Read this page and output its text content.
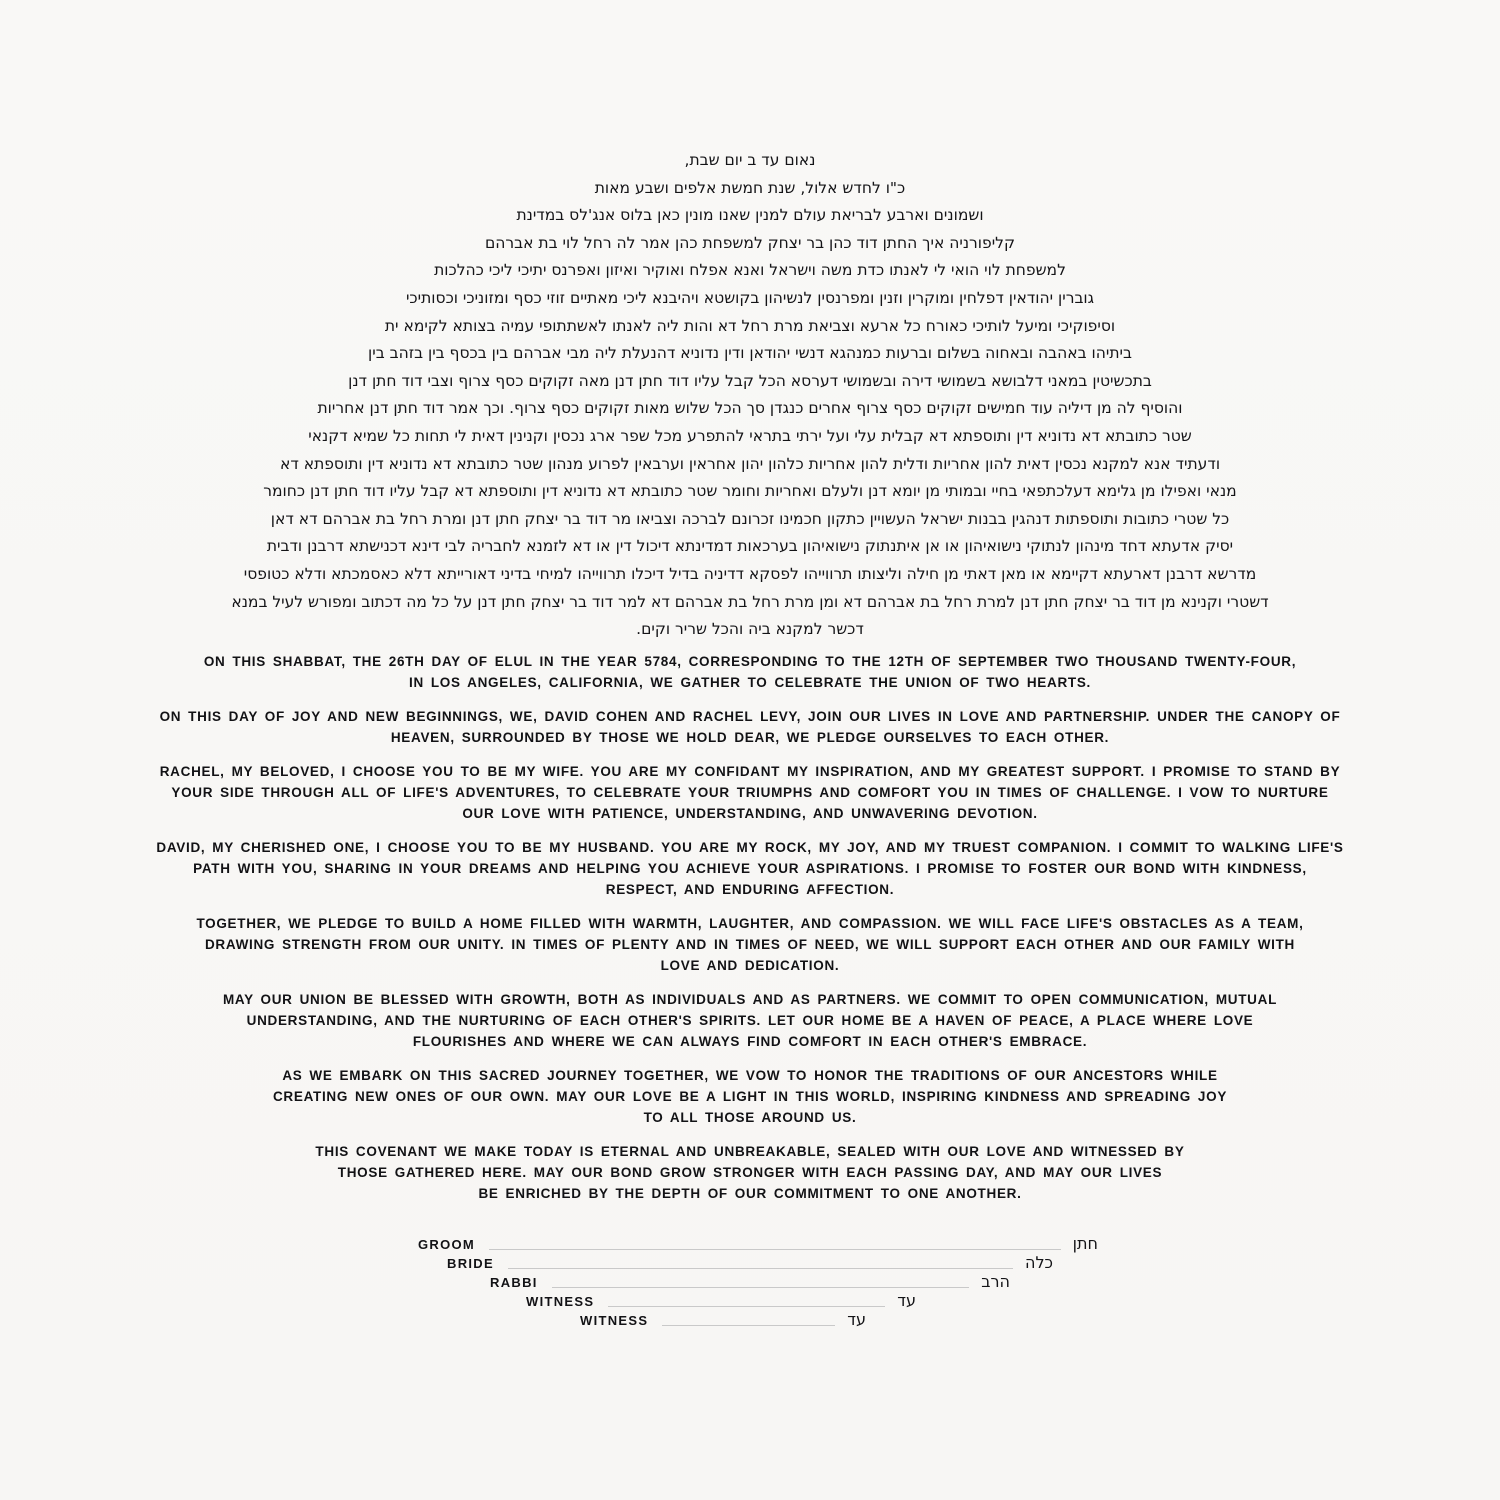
נאום עד ב יום שבת,
כ"ו לחדש אלול, שנת חמשת אלפים ושבע מאות
ושמונים וארבע לבריאת עולם למנין שאנו מונין כאן בלוס אנג'לס במדינת
קליפורניה איך החתן דוד כהן בר יצחק למשפחת כהן אמר לה רחל לוי בת אברהם
למשפחת לוי הואי לי לאנתו כדת משה וישראל ואנא אפלח ואוקיר ואיזון ואפרנס יתיכי ליכי כהלכות
גוברין יהודאין דפלחין ומוקרין וזנין ומפרנסין לנשיהון בקושטא ויהיבנא ליכי מאתיים זוזי כסף ומזוניכי וכסותיכי
וסיפוקיכי ומיעל לותיכי כאורח כל ארעא וצביאת מרת רחל דא והות ליה לאנתו לאשתתופי עמיה בצותא לקימא ית
ביתיהו באהבה ובאחוה בשלום וברעות כמנהגא דנשי יהודאן ודין נדוניא דהנעלת ליה מבי אברהם בין בכסף בין בזהב בין
בתכשיטין במאני דלבושא בשמושי דירה ובשמושי דערסא הכל קבל עליו דוד חתן דנן מאה זקוקים כסף צרוף וצבי דוד חתן דנן
והוסיף לה מן דיליה עוד חמישים זקוקים כסף צרוף אחרים כנגדן סך הכל שלוש מאות זקוקים כסף צרוף. וכך אמר דוד חתן דנן אחריות
שטר כתובתא דא נדוניא דין ותוספתא דא קבלית עלי ועל ירתי בתראי להתפרע מכל שפר ארג נכסין וקנינין דאית לי תחות כל שמיא דקנאי
ודעתיד אנא למקנא נכסין דאית להון אחריות ודלית להון אחריות כלהון יהון אחראין וערבאין לפרוע מנהון שטר כתובתא דא נדוניא דין ותוספתא דא
מנאי ואפילו מן גלימא דעלכתפאי בחיי ובמותי מן יומא דנן ולעלם ואחריות וחומר שטר כתובתא דא נדוניא דין ותוספתא דא קבל עליו דוד חתן דנן כחומר
כל שטרי כתובות ותוספתות דנהגין בבנות ישראל העשויין כתקון חכמינו זכרונם לברכה וצביאו מר דוד בר יצחק חתן דנן ומרת רחל בת אברהם דא דאן
יסיק אדעתא דחד מינהון לנתוקי נישואיהון או אן איתנתוק נישואיהון בערכאות דמדינתא דיכול דין או דא לזמנא לחבריה לבי דינא דכנישתא דרבנן ודבית
מדרשא דרבנן דארעתא דקיימא או מאן דאתי מן חילה וליצותו תרווייהו לפסקא דדיניה בדיל דיכלו תרווייהו למיחי בדיני דאורייתא דלא כאסמכתא ודלא כטופסי
דשטרי וקנינא מן דוד בר יצחק חתן דנן למרת רחל בת אברהם דא ומן מרת רחל בת אברהם דא למר דוד בר יצחק חתן דנן על כל מה דכתוב ומפורש לעיל במנא
דכשר למקנא ביה והכל שריר וקים.
ON THIS SHABBAT, THE 26TH DAY OF ELUL IN THE YEAR 5784, CORRESPONDING TO THE 12TH OF SEPTEMBER TWO THOUSAND TWENTY-FOUR,
IN LOS ANGELES, CALIFORNIA, WE GATHER TO CELEBRATE THE UNION OF TWO HEARTS.
ON THIS DAY OF JOY AND NEW BEGINNINGS, WE, DAVID COHEN AND RACHEL LEVY, JOIN OUR LIVES IN LOVE AND PARTNERSHIP. UNDER THE CANOPY OF
HEAVEN, SURROUNDED BY THOSE WE HOLD DEAR, WE PLEDGE OURSELVES TO EACH OTHER.
RACHEL, MY BELOVED, I CHOOSE YOU TO BE MY WIFE. YOU ARE MY CONFIDANT MY INSPIRATION, AND MY GREATEST SUPPORT. I PROMISE TO STAND BY
YOUR SIDE THROUGH ALL OF LIFE'S ADVENTURES, TO CELEBRATE YOUR TRIUMPHS AND COMFORT YOU IN TIMES OF CHALLENGE. I VOW TO NURTURE
OUR LOVE WITH PATIENCE, UNDERSTANDING, AND UNWAVERING DEVOTION.
DAVID, MY CHERISHED ONE, I CHOOSE YOU TO BE MY HUSBAND. YOU ARE MY ROCK, MY JOY, AND MY TRUEST COMPANION. I COMMIT TO WALKING LIFE'S
PATH WITH YOU, SHARING IN YOUR DREAMS AND HELPING YOU ACHIEVE YOUR ASPIRATIONS. I PROMISE TO FOSTER OUR BOND WITH KINDNESS,
RESPECT, AND ENDURING AFFECTION.
TOGETHER, WE PLEDGE TO BUILD A HOME FILLED WITH WARMTH, LAUGHTER, AND COMPASSION. WE WILL FACE LIFE'S OBSTACLES AS A TEAM,
DRAWING STRENGTH FROM OUR UNITY. IN TIMES OF PLENTY AND IN TIMES OF NEED, WE WILL SUPPORT EACH OTHER AND OUR FAMILY WITH
LOVE AND DEDICATION.
MAY OUR UNION BE BLESSED WITH GROWTH, BOTH AS INDIVIDUALS AND AS PARTNERS. WE COMMIT TO OPEN COMMUNICATION, MUTUAL
UNDERSTANDING, AND THE NURTURING OF EACH OTHER'S SPIRITS. LET OUR HOME BE A HAVEN OF PEACE, A PLACE WHERE LOVE
FLOURISHES AND WHERE WE CAN ALWAYS FIND COMFORT IN EACH OTHER'S EMBRACE.
AS WE EMBARK ON THIS SACRED JOURNEY TOGETHER, WE VOW TO HONOR THE TRADITIONS OF OUR ANCESTORS WHILE
CREATING NEW ONES OF OUR OWN. MAY OUR LOVE BE A LIGHT IN THIS WORLD, INSPIRING KINDNESS AND SPREADING JOY
TO ALL THOSE AROUND US.
THIS COVENANT WE MAKE TODAY IS ETERNAL AND UNBREAKABLE, SEALED WITH OUR LOVE AND WITNESSED BY
THOSE GATHERED HERE. MAY OUR BOND GROW STRONGER WITH EACH PASSING DAY, AND MAY OUR LIVES
BE ENRICHED BY THE DEPTH OF OUR COMMITMENT TO ONE ANOTHER.
GROOM	חתן
BRIDE	כלה
RABBI	הרב
WITNESS	עד
WITNESS	עד
